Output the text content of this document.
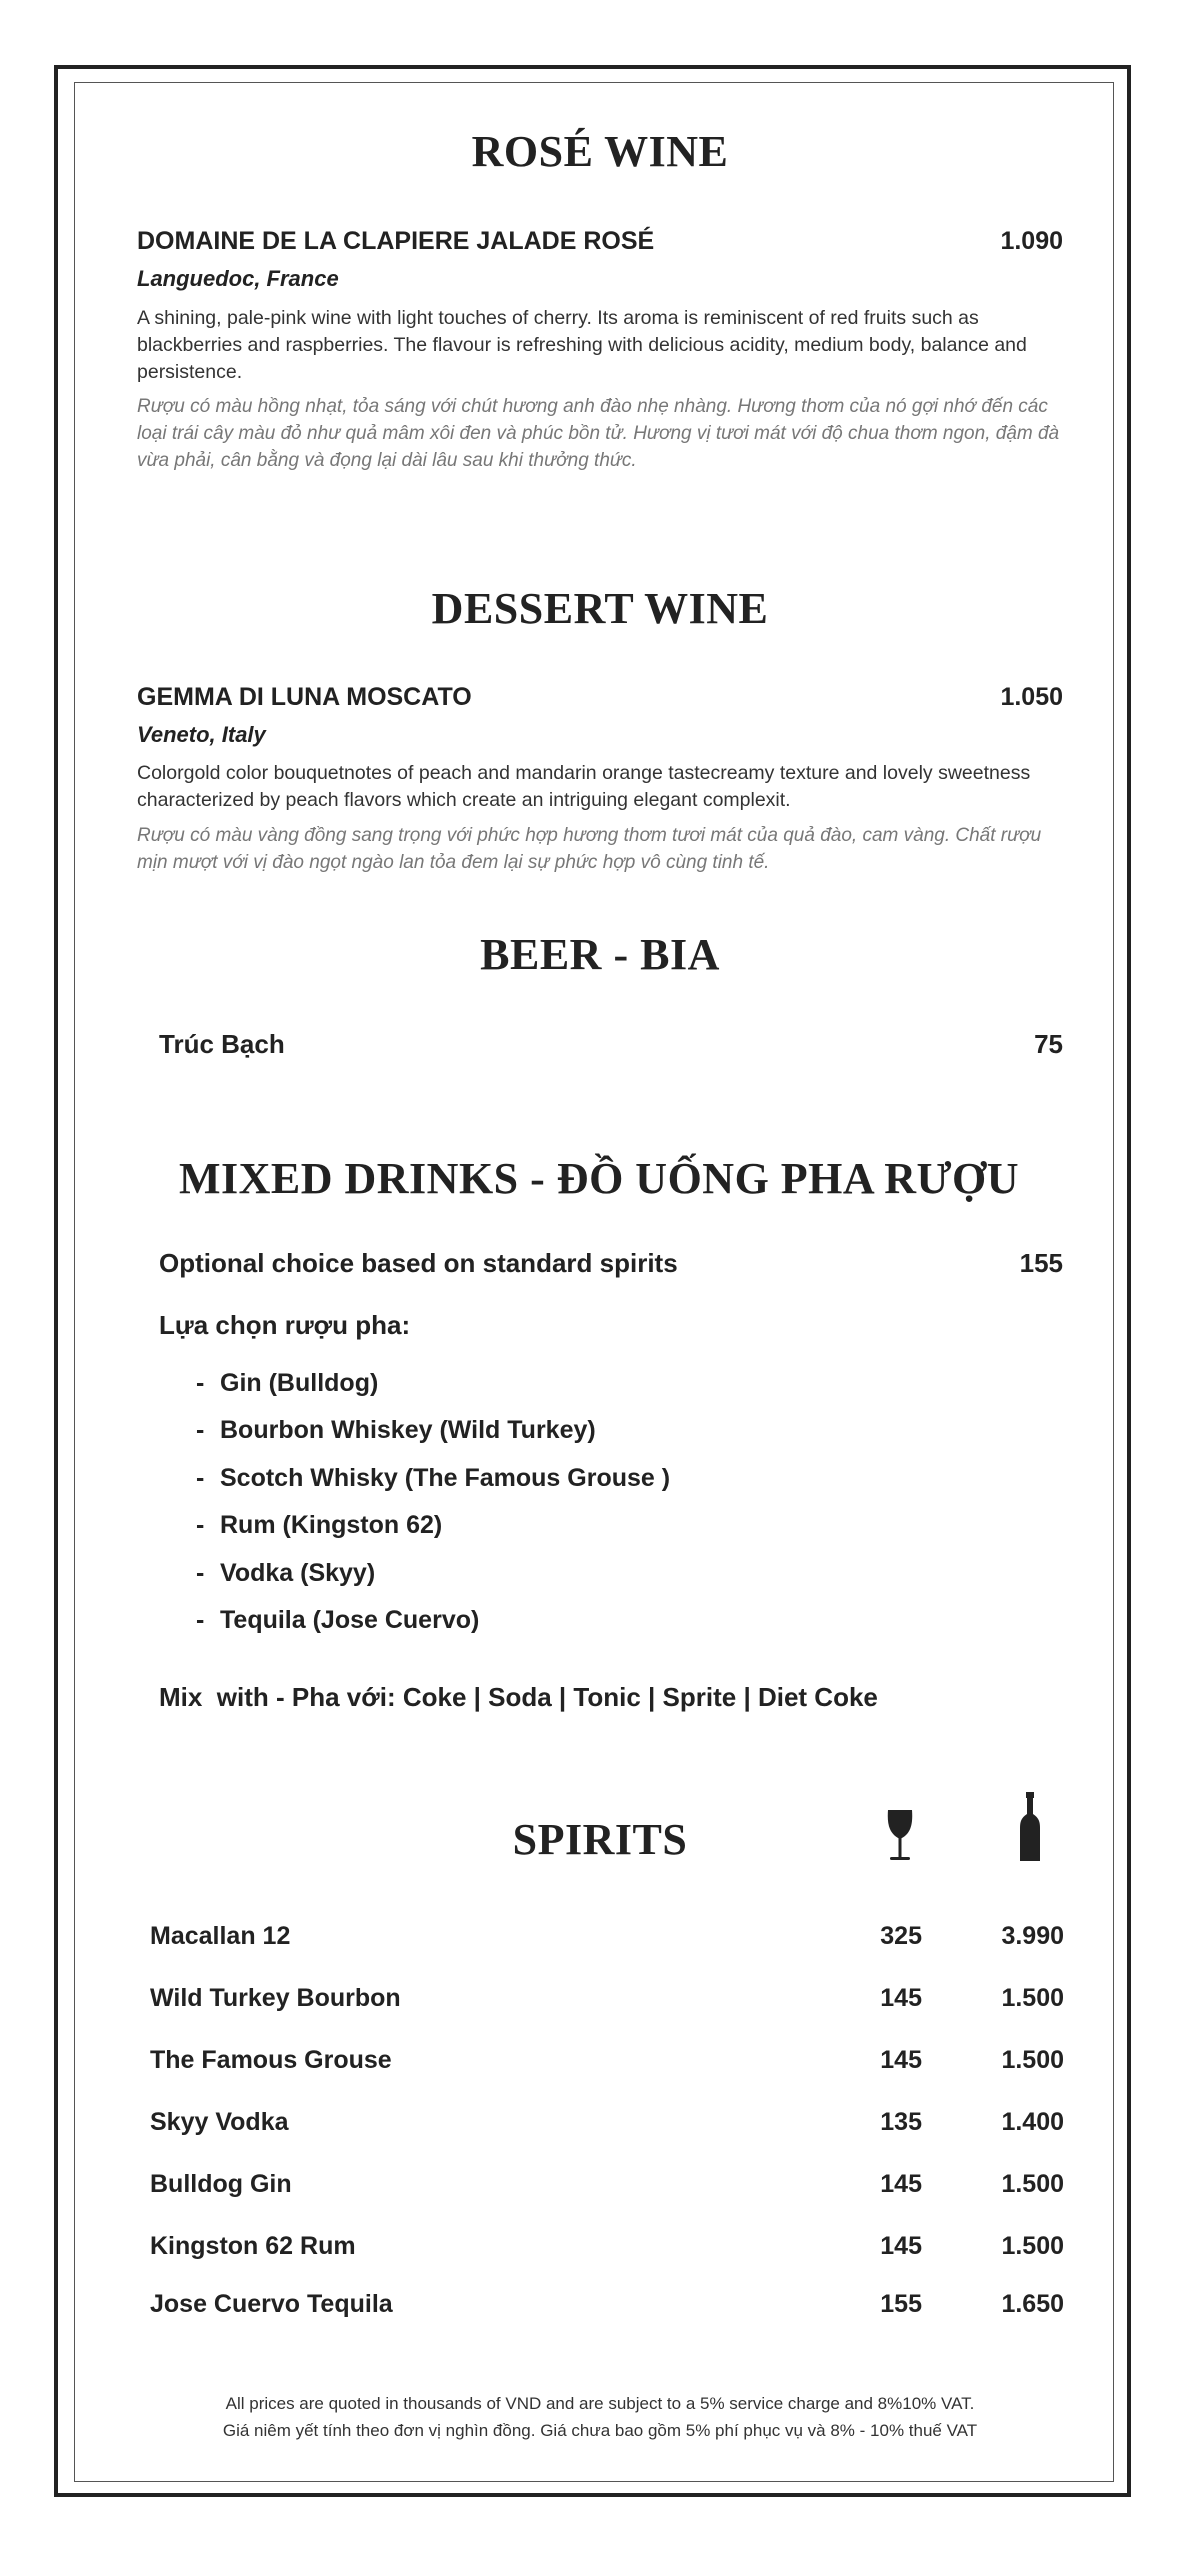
ROSÉ WINE
DOMAINE DE LA CLAPIERE JALADE ROSÉ	1.090
Languedoc, France
A shining, pale-pink wine with light touches of cherry. Its aroma is reminiscent of red fruits such as blackberries and raspberries. The flavour is refreshing with delicious acidity, medium body, balance and persistence.
Rượu có màu hồng nhạt, tỏa sáng với chút hương anh đào nhẹ nhàng. Hương thơm của nó gợi nhớ đến các loại trái cây màu đỏ như quả mâm xôi đen và phúc bồn tử. Hương vị tươi mát với độ chua thơm ngon, đậm đà vừa phải, cân bằng và đọng lại dài lâu sau khi thưởng thức.
DESSERT WINE
GEMMA DI LUNA MOSCATO	1.050
Veneto, Italy
Colorgold color bouquetnotes of peach and mandarin orange tastecreamy texture and lovely sweetness characterized by peach flavors which create an intriguing elegant complexit.
Rượu có màu vàng đồng sang trọng với phức hợp hương thơm tươi mát của quả đào, cam vàng. Chất rượu mịn mượt với vị đào ngọt ngào lan tỏa đem lại sự phức hợp vô cùng tinh tế.
BEER - BIA
Trúc Bạch	75
MIXED DRINKS - ĐỒ UỐNG PHA RƯỢU
Optional choice based on standard spirits	155
Lựa chọn rượu pha:
- Gin (Bulldog)
- Bourbon Whiskey (Wild Turkey)
- Scotch Whisky (The Famous Grouse )
- Rum (Kingston 62)
- Vodka (Skyy)
- Tequila (Jose Cuervo)
Mix  with - Pha với: Coke | Soda | Tonic | Sprite | Diet Coke
SPIRITS
Macallan 12	325	3.990
Wild Turkey Bourbon	145	1.500
The Famous Grouse	145	1.500
Skyy Vodka	135	1.400
Bulldog Gin	145	1.500
Kingston 62 Rum	145	1.500
Jose Cuervo Tequila	155	1.650
All prices are quoted in thousands of VND and are subject to a 5% service charge and 8%10% VAT.
Giá niêm yết tính theo đơn vị nghìn đồng. Giá chưa bao gồm 5% phí phục vụ và 8% - 10% thuế VAT
